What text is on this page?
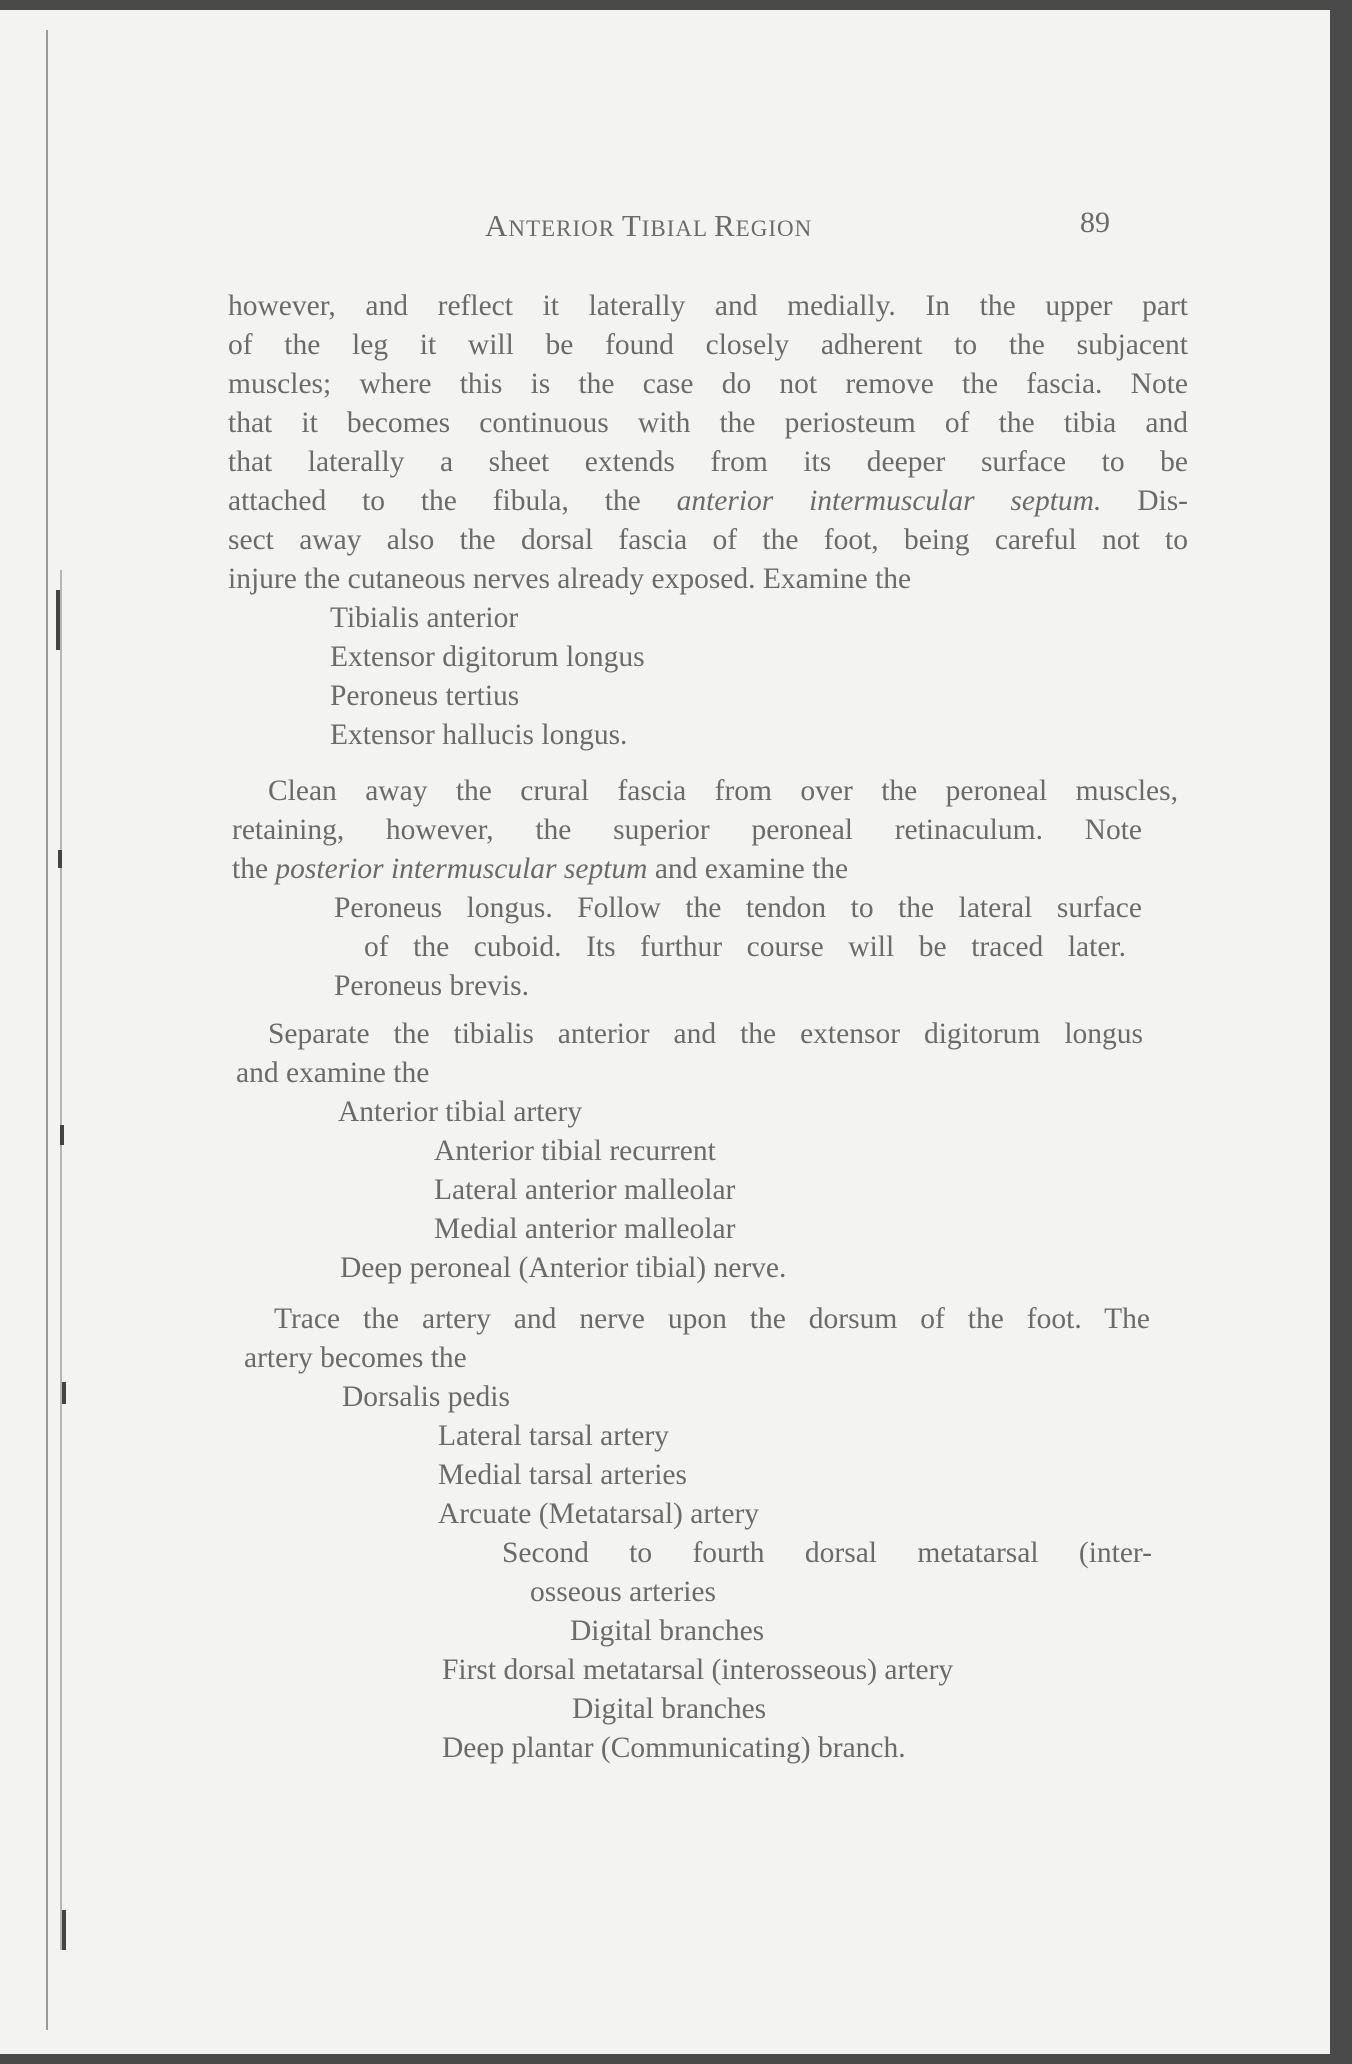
ANTERIOR TIBIAL REGION	89
however, and reflect it laterally and medially. In the upper part
of the leg it will be found closely adherent to the subjacent
muscles; where this is the case do not remove the fascia. Note
that it becomes continuous with the periosteum of the tibia and
that laterally a sheet extends from its deeper surface to be
attached to the fibula, the anterior intermuscular septum. Dis-
sect away also the dorsal fascia of the foot, being careful not to
injure the cutaneous nerves already exposed. Examine the
Tibialis anterior
Extensor digitorum longus
Peroneus tertius
Extensor hallucis longus.
Clean away the crural fascia from over the peroneal muscles,
retaining, however, the superior peroneal retinaculum. Note
the posterior intermuscular septum and examine the
Peroneus longus. Follow the tendon to the lateral surface
of the cuboid. Its furthur course will be traced later.
Peroneus brevis.
Separate the tibialis anterior and the extensor digitorum longus
and examine the
Anterior tibial artery
Anterior tibial recurrent
Lateral anterior malleolar
Medial anterior malleolar
Deep peroneal (Anterior tibial) nerve.
Trace the artery and nerve upon the dorsum of the foot. The
artery becomes the
Dorsalis pedis
Lateral tarsal artery
Medial tarsal arteries
Arcuate (Metatarsal) artery
Second to fourth dorsal metatarsal (inter-
osseous arteries
Digital branches
First dorsal metatarsal (interosseous) artery
Digital branches
Deep plantar (Communicating) branch.
